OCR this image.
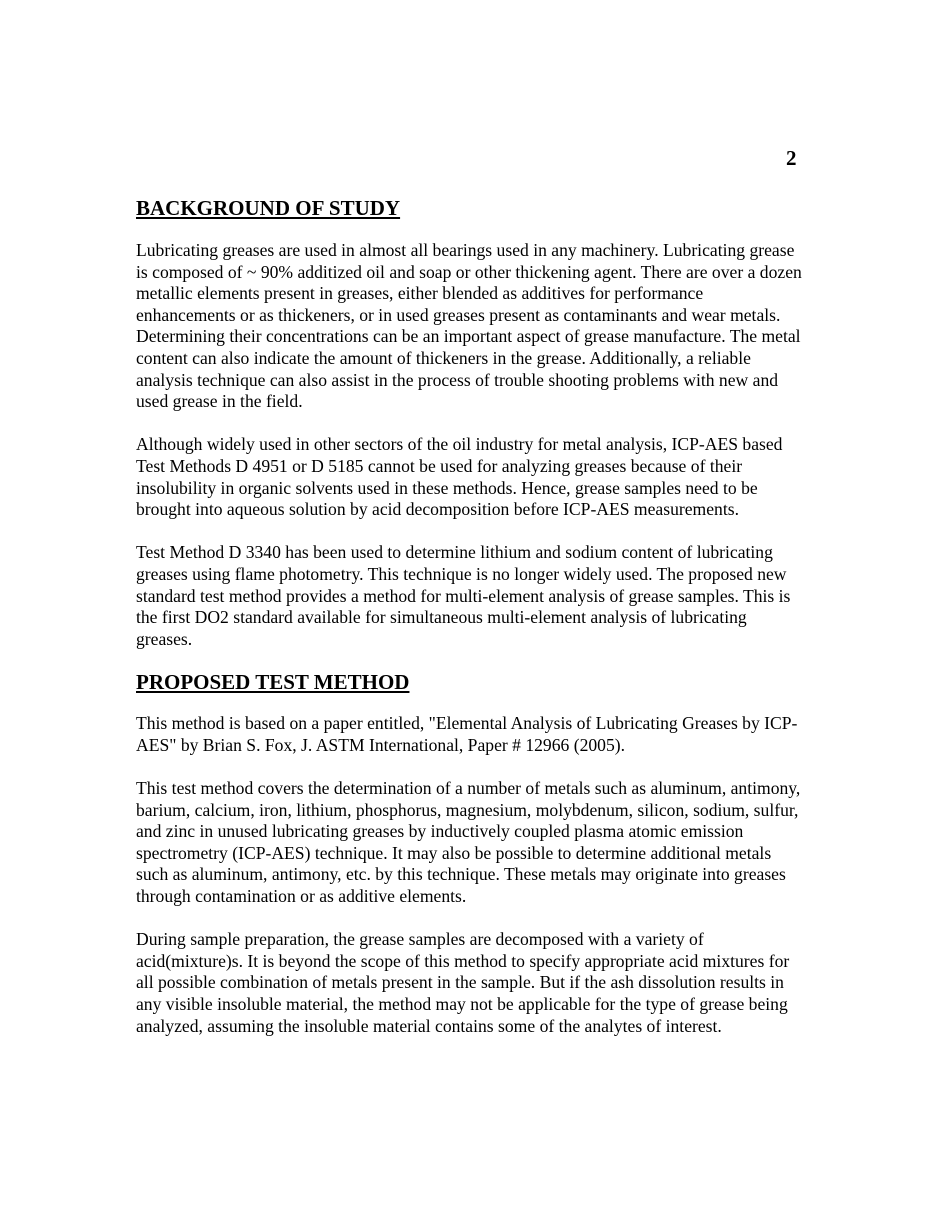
2
BACKGROUND OF STUDY

Lubricating greases are used in almost all bearings used in any machinery. Lubricating grease is composed of ~ 90% additized oil and soap or other thickening agent. There are over a dozen metallic elements present in greases, either blended as additives for performance enhancements or as thickeners, or in used greases present as contaminants and wear metals. Determining their concentrations can be an important aspect of grease manufacture. The metal content can also indicate the amount of thickeners in the grease. Additionally, a reliable analysis technique can also assist in the process of trouble shooting problems with new and used grease in the field.

Although widely used in other sectors of the oil industry for metal analysis, ICP-AES based Test Methods D 4951 or D 5185 cannot be used for analyzing greases because of their insolubility in organic solvents used in these methods. Hence, grease samples need to be brought into aqueous solution by acid decomposition before ICP-AES measurements.

Test Method D 3340 has been used to determine lithium and sodium content of lubricating greases using flame photometry. This technique is no longer widely used. The proposed new standard test method provides a method for multi-element analysis of grease samples. This is the first DO2 standard available for simultaneous multi-element analysis of lubricating greases.

PROPOSED TEST METHOD

This method is based on a paper entitled, "Elemental Analysis of Lubricating Greases by ICP-AES" by Brian S. Fox, J. ASTM International, Paper # 12966 (2005).

This test method covers the determination of a number of metals such as aluminum, antimony, barium, calcium, iron, lithium, phosphorus, magnesium, molybdenum, silicon, sodium, sulfur, and zinc in unused lubricating greases by inductively coupled plasma atomic emission spectrometry (ICP-AES) technique. It may also be possible to determine additional metals such as aluminum, antimony, etc. by this technique. These metals may originate into greases through contamination or as additive elements.

During sample preparation, the grease samples are decomposed with a variety of acid(mixture)s. It is beyond the scope of this method to specify appropriate acid mixtures for all possible combination of metals present in the sample. But if the ash dissolution results in any visible insoluble material, the method may not be applicable for the type of grease being analyzed, assuming the insoluble material contains some of the analytes of interest.
